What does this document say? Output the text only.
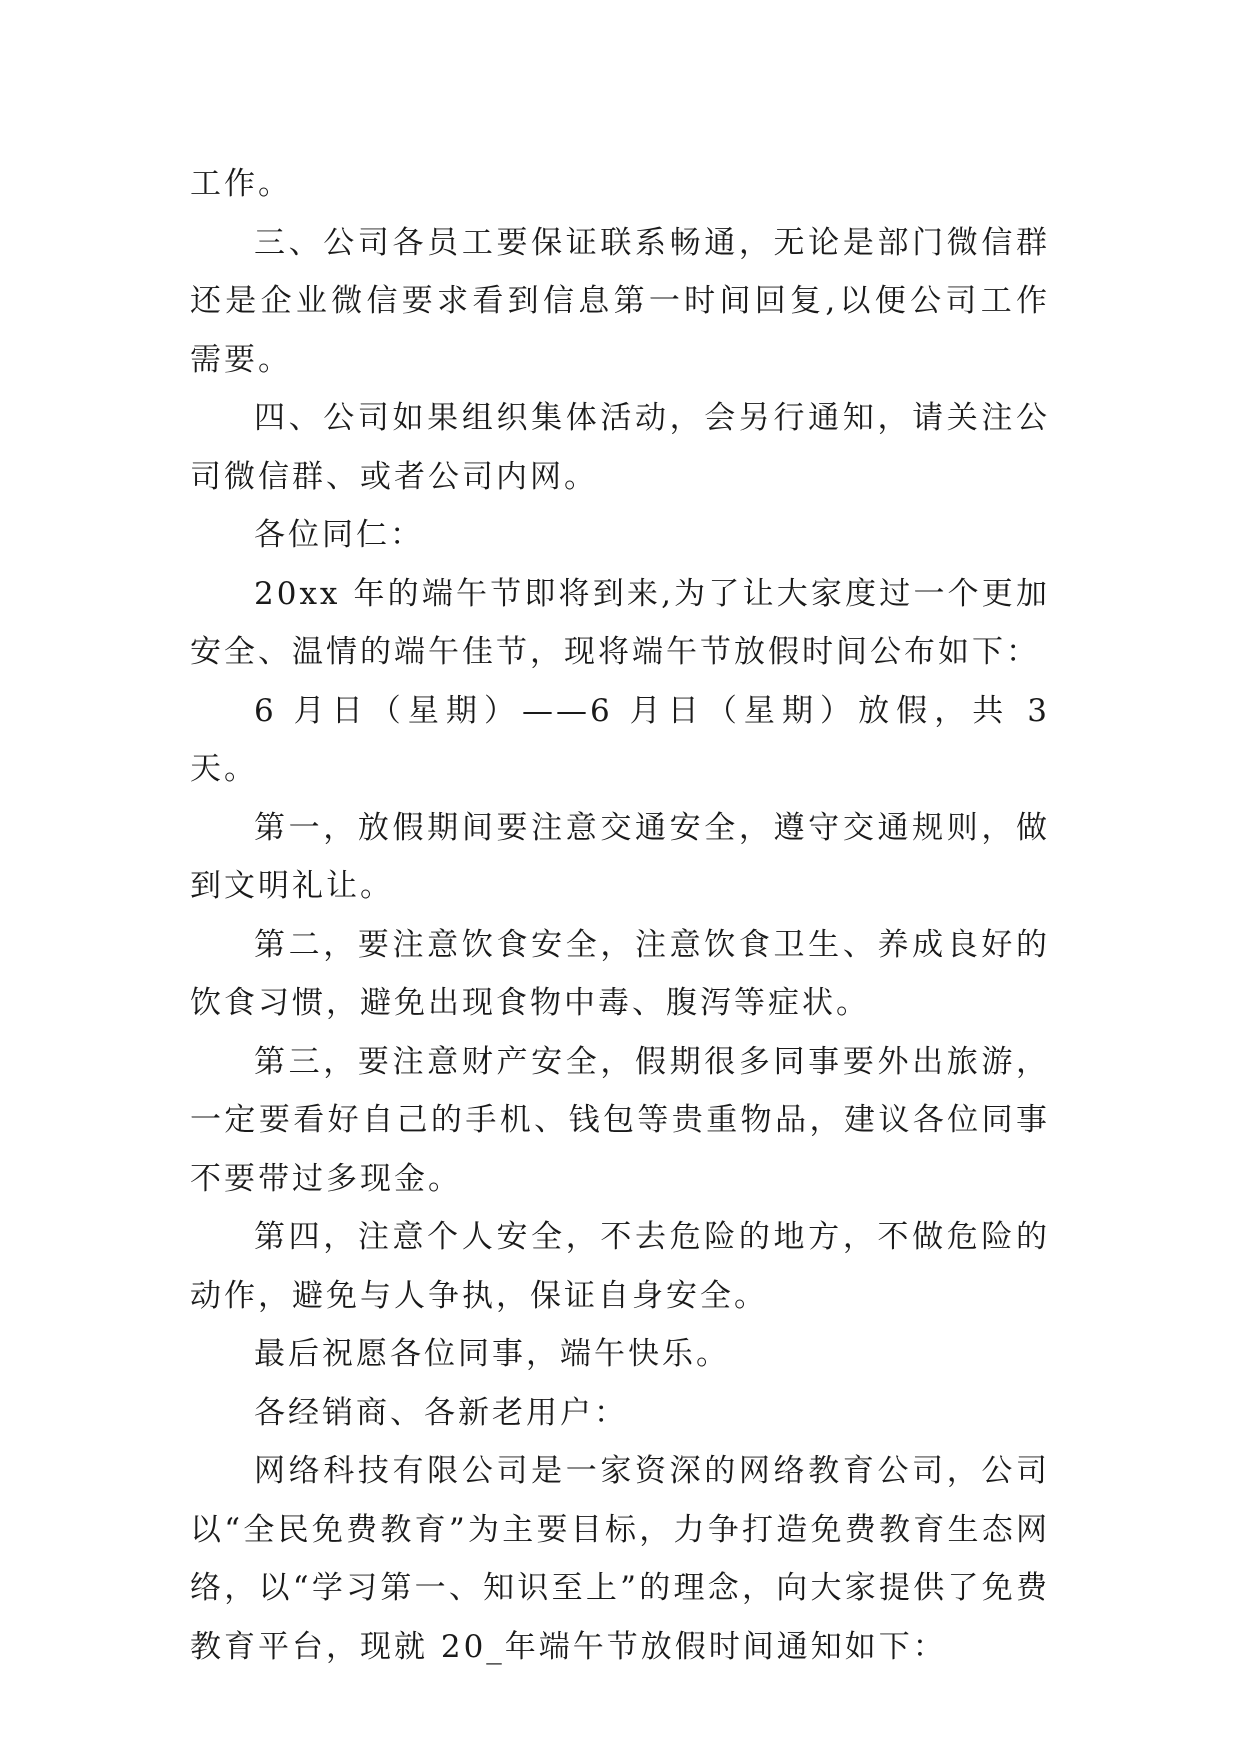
工作。

三、公司各员工要保证联系畅通，无论是部门微信群还是企业微信要求看到信息第一时间回复,以便公司工作需要。

四、公司如果组织集体活动，会另行通知，请关注公司微信群、或者公司内网。

各位同仁：

20xx 年的端午节即将到来,为了让大家度过一个更加安全、温情的端午佳节，现将端午节放假时间公布如下：

6 月日（星期）——6 月日（星期）放假，共 3 天。

第一，放假期间要注意交通安全，遵守交通规则，做到文明礼让。

第二，要注意饮食安全，注意饮食卫生、养成良好的饮食习惯，避免出现食物中毒、腹泻等症状。

第三，要注意财产安全，假期很多同事要外出旅游，一定要看好自己的手机、钱包等贵重物品，建议各位同事不要带过多现金。

第四，注意个人安全，不去危险的地方，不做危险的动作，避免与人争执，保证自身安全。

最后祝愿各位同事，端午快乐。

各经销商、各新老用户：

网络科技有限公司是一家资深的网络教育公司，公司以“全民免费教育”为主要目标，力争打造免费教育生态网络，以“学习第一、知识至上”的理念，向大家提供了免费教育平台，现就 20_年端午节放假时间通知如下：
